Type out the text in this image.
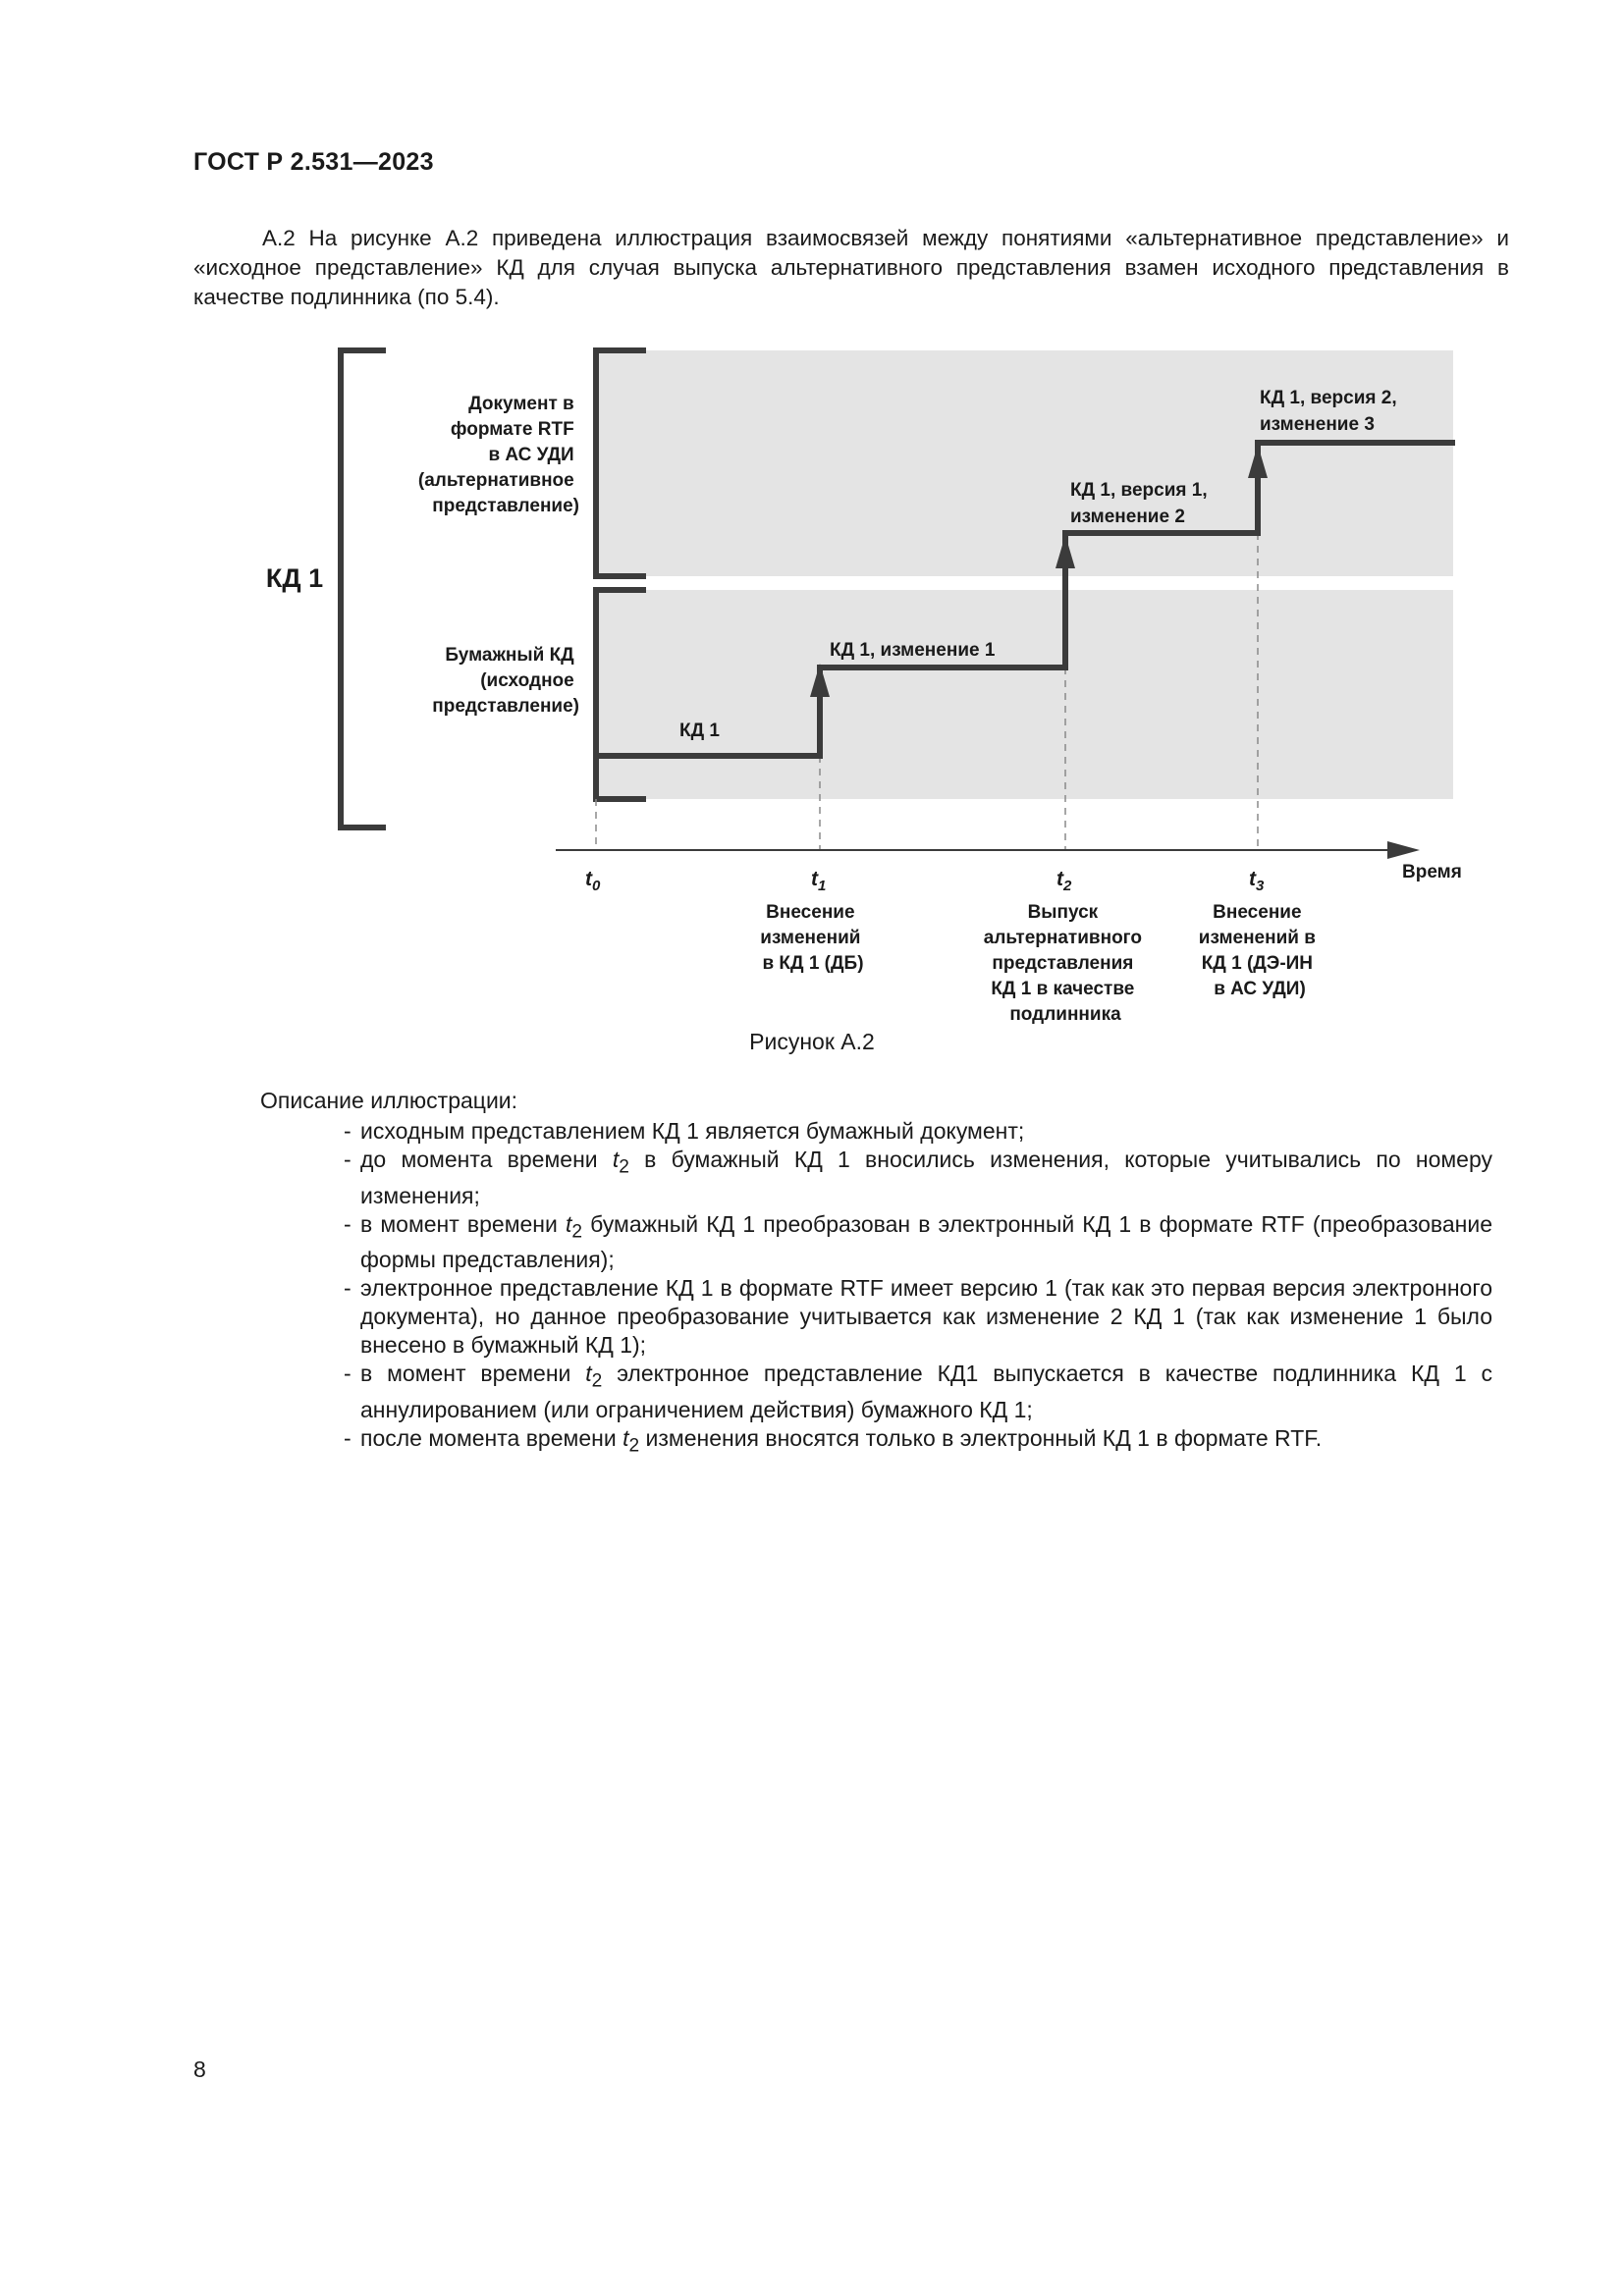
ГОСТ Р 2.531—2023
А.2 На рисунке А.2 приведена иллюстрация взаимосвязей между понятиями «альтернативное представление» и «исходное представление» КД для случая выпуска альтернативного представления взамен исходного представления в качестве подлинника (по 5.4).
КД 1
Документ в формате RTF в АС УДИ (альтернативное представление)
Бумажный КД (исходное представление)
КД 1
КД 1, изменение 1
КД 1, версия 1, изменение 2
КД 1, версия 2, изменение 3
Время
$t_0$	$t_1$	$t_2$	$t_3$
Внесение изменений в КД 1 (ДБ)
Выпуск альтернативного представления КД 1 в качестве подлинника
Внесение изменений в КД 1 (ДЭ-ИН в АС УДИ)
Рисунок А.2
Описание иллюстрации:
- исходным представлением КД 1 является бумажный документ;
- до момента времени $t_2$ в бумажный КД 1 вносились изменения, которые учитывались по номеру изменения;
- в момент времени $t_2$ бумажный КД 1 преобразован в электронный КД 1 в формате RTF (преобразование формы представления);
- электронное представление КД 1 в формате RTF имеет версию 1 (так как это первая версия электронного документа), но данное преобразование учитывается как изменение 2 КД 1 (так как изменение 1 было внесено в бумажный КД 1);
- в момент времени $t_2$ электронное представление КД1 выпускается в качестве подлинника КД 1 с аннулированием (или ограничением действия) бумажного КД 1;
- после момента времени $t_2$ изменения вносятся только в электронный КД 1 в формате RTF.
8
